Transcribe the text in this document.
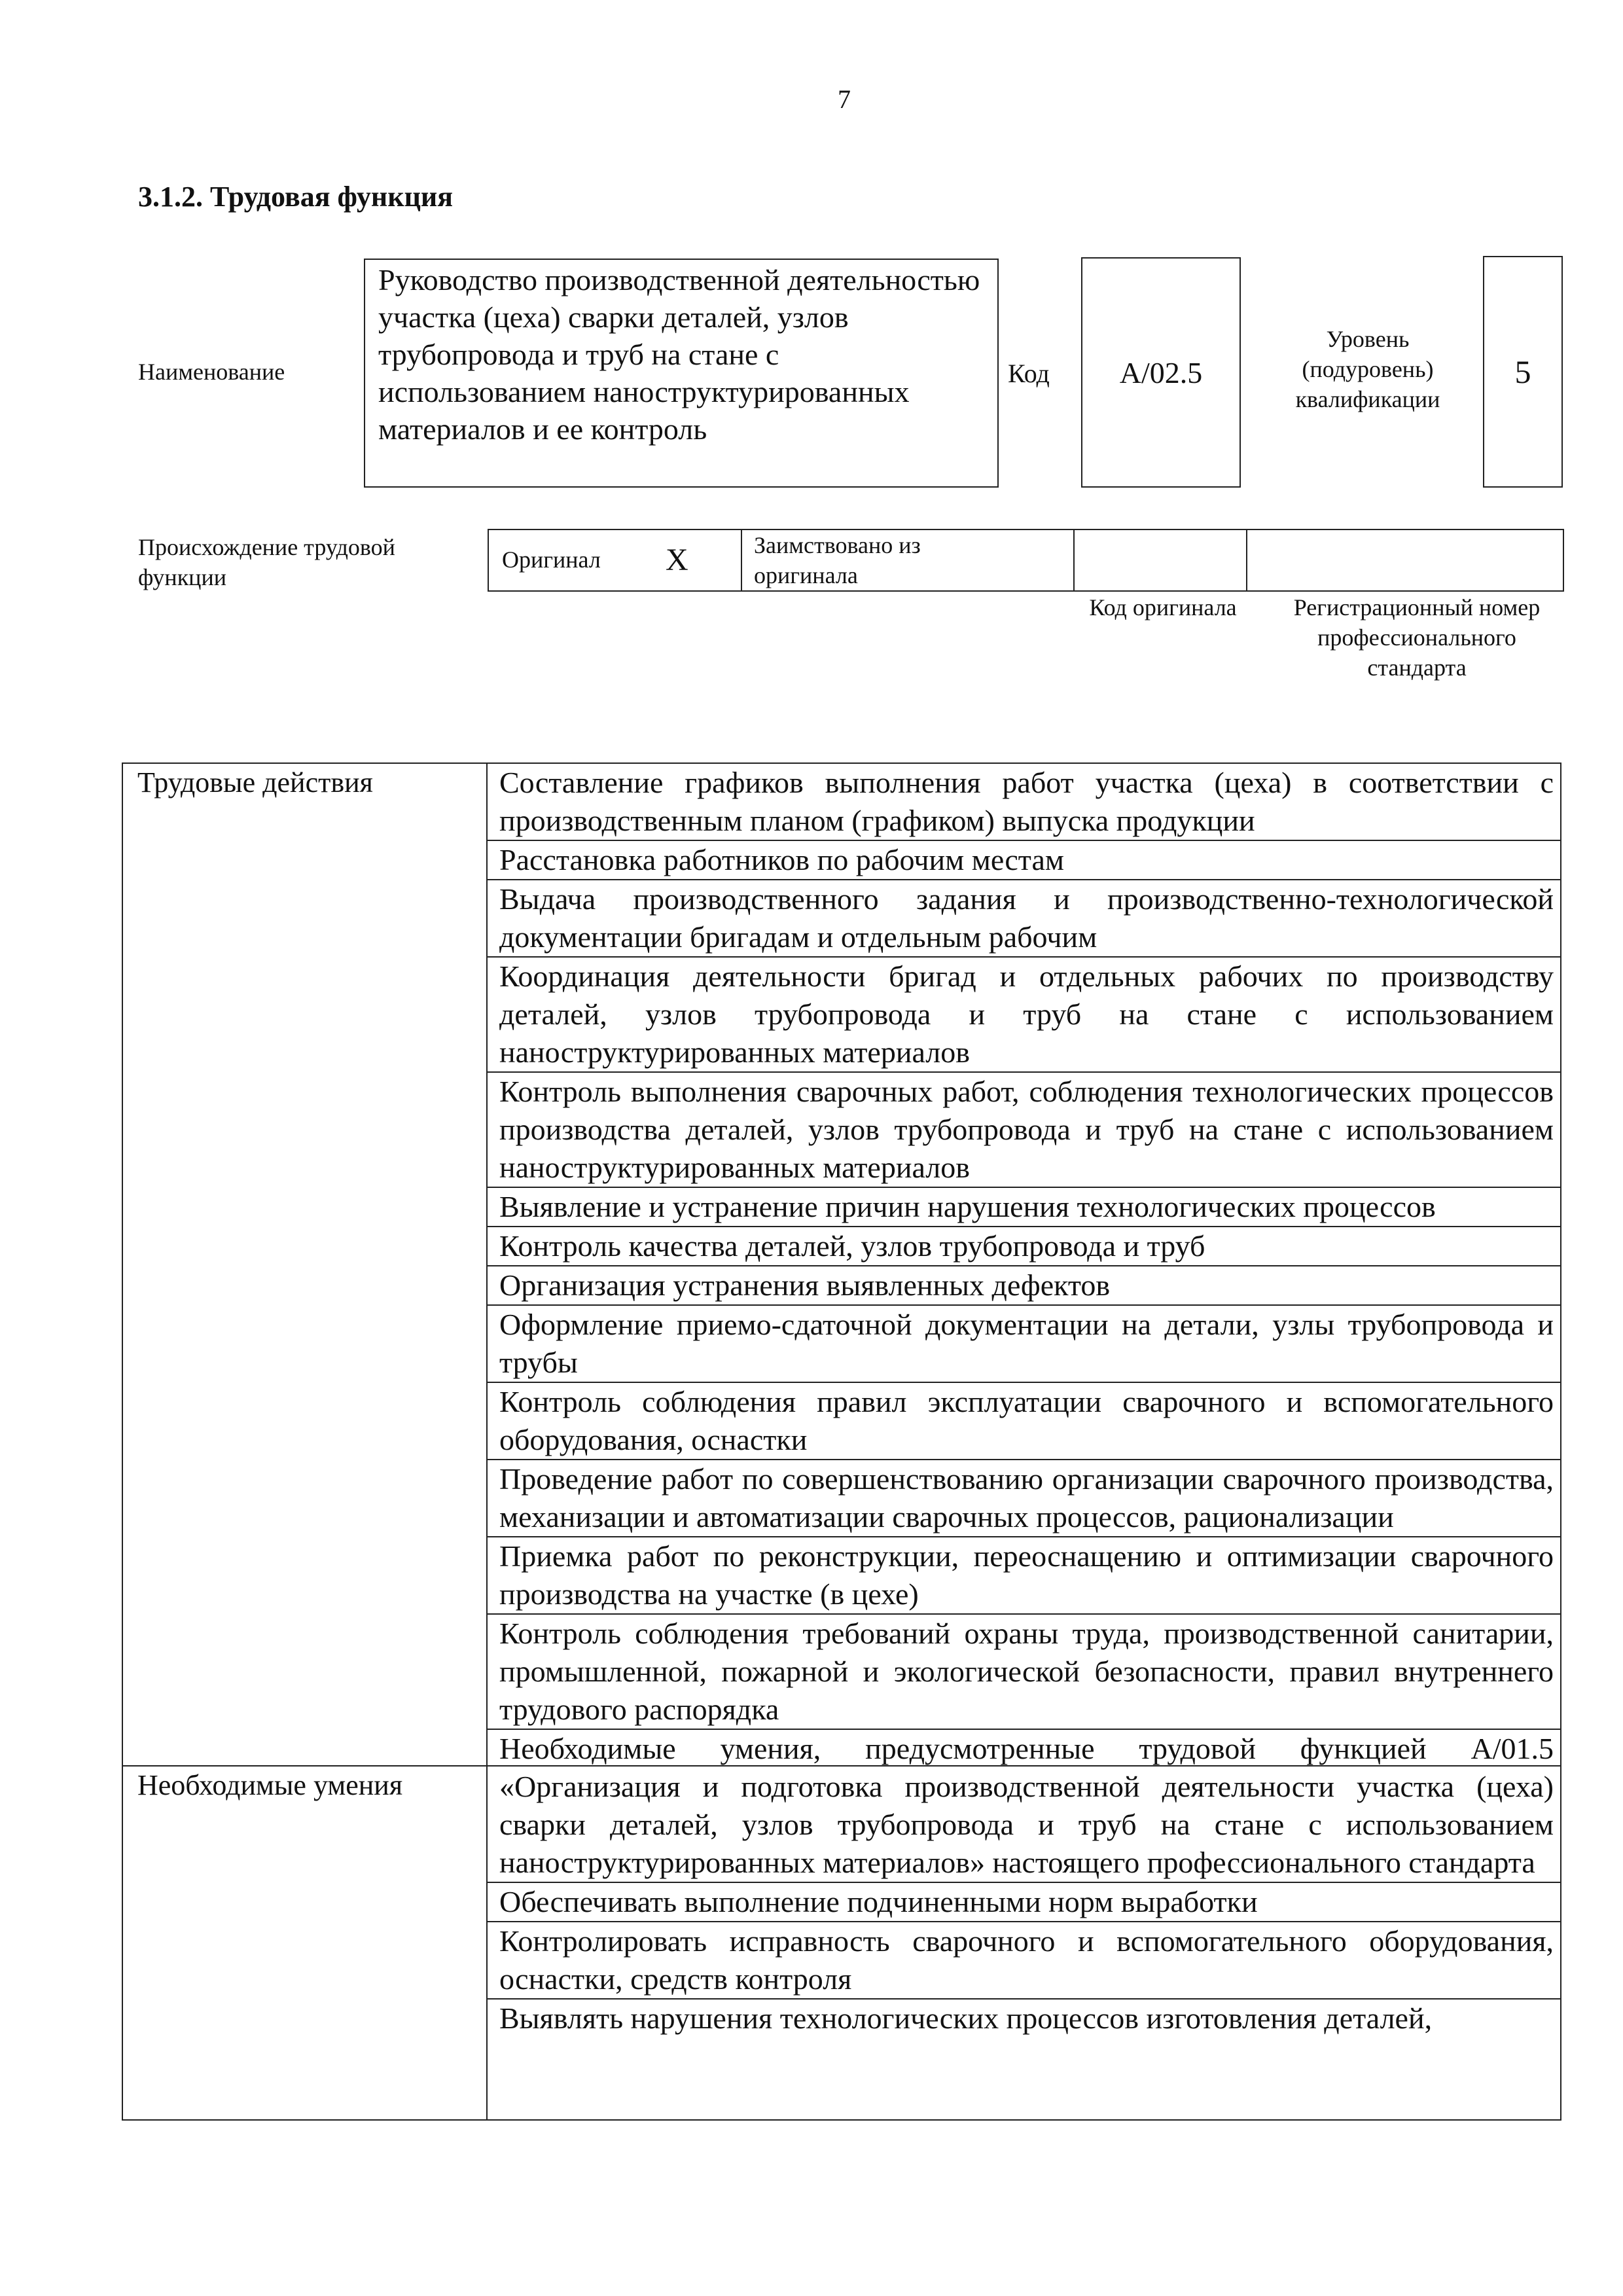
7
3.1.2. Трудовая функция
Наименование
Руководство производственной деятельностью участка (цеха) сварки деталей, узлов трубопровода и труб на стане с использованием наноструктурированных материалов и ее контроль
Код A/02.5
Уровень (подуровень) квалификации
5
Происхождение трудовой функции
Оригинал X	Заимствовано из оригинала
Код оригинала	Регистрационный номер профессионального стандарта
Трудовые действия
Необходимые умения
Составление графиков выполнения работ участка (цеха) в соответствии с производственным планом (графиком) выпуска продукции
Расстановка работников по рабочим местам
Выдача производственного задания и производственно-технологической документации бригадам и отдельным рабочим
Координация деятельности бригад и отдельных рабочих по производству деталей, узлов трубопровода и труб на стане с использованием наноструктурированных материалов
Контроль выполнения сварочных работ, соблюдения технологических процессов производства деталей, узлов трубопровода и труб на стане с использованием наноструктурированных материалов
Выявление и устранение причин нарушения технологических процессов
Контроль качества деталей, узлов трубопровода и труб
Организация устранения выявленных дефектов
Оформление приемо-сдаточной документации на детали, узлы трубопровода и трубы
Контроль соблюдения правил эксплуатации сварочного и вспомогательного оборудования, оснастки
Проведение работ по совершенствованию организации сварочного производства, механизации и автоматизации сварочных процессов, рационализации
Приемка работ по реконструкции, переоснащению и оптимизации сварочного производства на участке (в цехе)
Контроль соблюдения требований охраны труда, производственной санитарии, промышленной, пожарной и экологической безопасности, правил внутреннего трудового распорядка
Необходимые умения, предусмотренные трудовой функцией А/01.5 «Организация и подготовка производственной деятельности участка (цеха) сварки деталей, узлов трубопровода и труб на стане с использованием наноструктурированных материалов» настоящего профессионального стандарта
Обеспечивать выполнение подчиненными норм выработки
Контролировать исправность сварочного и вспомогательного оборудования, оснастки, средств контроля
Выявлять нарушения технологических процессов изготовления деталей,
